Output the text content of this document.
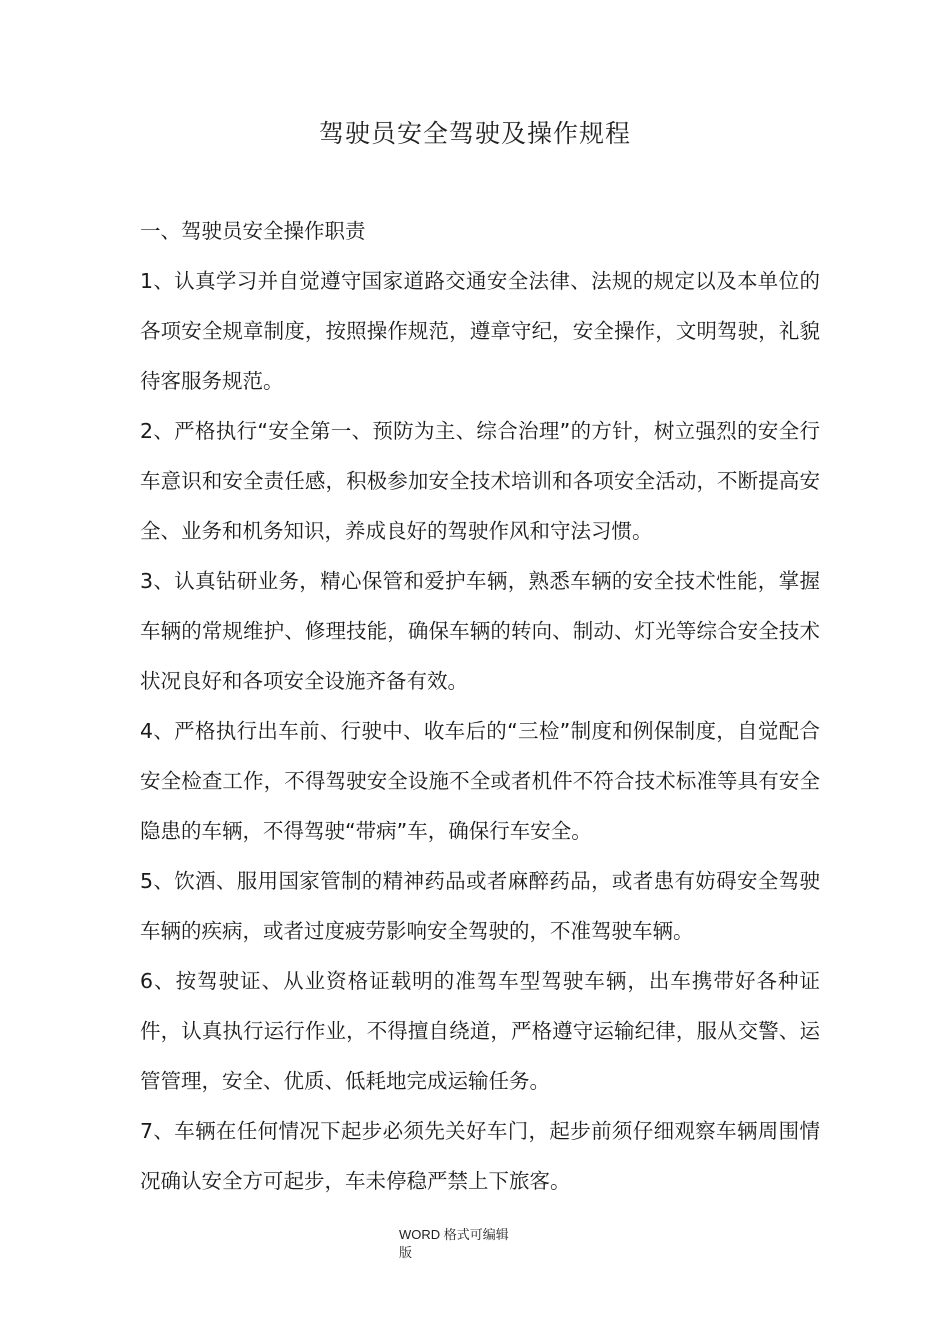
驾驶员安全驾驶及操作规程

一、驾驶员安全操作职责

1、认真学习并自觉遵守国家道路交通安全法律、法规的规定以及本单位的各项安全规章制度，按照操作规范，遵章守纪，安全操作，文明驾驶，礼貌待客服务规范。

2、严格执行“安全第一、预防为主、综合治理”的方针，树立强烈的安全行车意识和安全责任感，积极参加安全技术培训和各项安全活动，不断提高安全、业务和机务知识，养成良好的驾驶作风和守法习惯。

3、认真钻研业务，精心保管和爱护车辆，熟悉车辆的安全技术性能，掌握车辆的常规维护、修理技能，确保车辆的转向、制动、灯光等综合安全技术状况良好和各项安全设施齐备有效。

4、严格执行出车前、行驶中、收车后的“三检”制度和例保制度，自觉配合安全检查工作，不得驾驶安全设施不全或者机件不符合技术标准等具有安全隐患的车辆，不得驾驶“带病”车，确保行车安全。

5、饮酒、服用国家管制的精神药品或者麻醉药品，或者患有妨碍安全驾驶车辆的疾病，或者过度疲劳影响安全驾驶的，不准驾驶车辆。

6、按驾驶证、从业资格证载明的准驾车型驾驶车辆，出车携带好各种证件，认真执行运行作业，不得擅自绕道，严格遵守运输纪律，服从交警、运管管理，安全、优质、低耗地完成运输任务。

7、车辆在任何情况下起步必须先关好车门，起步前须仔细观察车辆周围情况确认安全方可起步，车未停稳严禁上下旅客。

WORD 格式可编辑
版
